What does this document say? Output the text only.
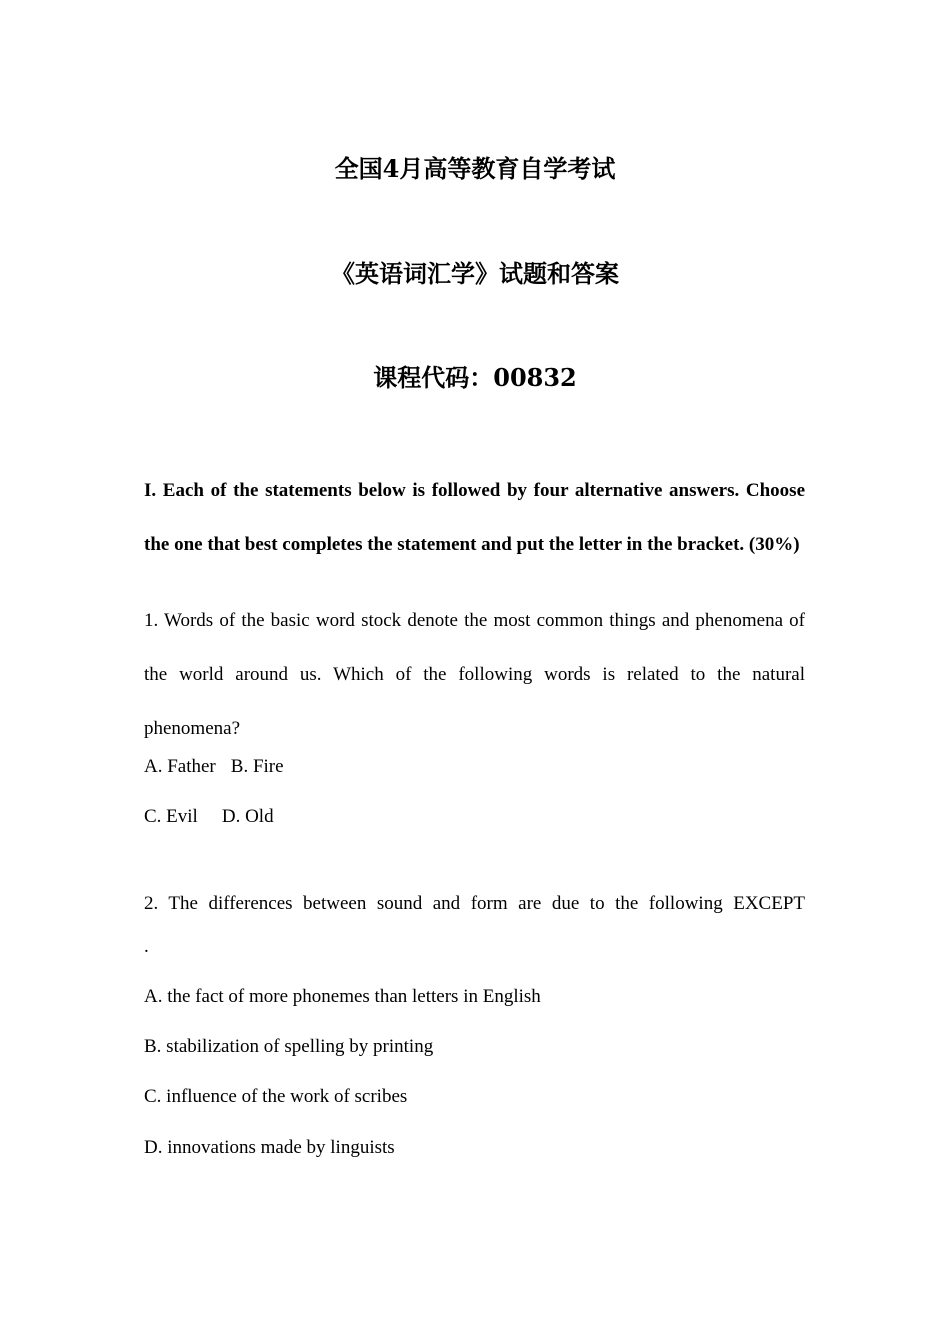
全国4月高等教育自学考试
《英语词汇学》试题和答案
课程代码：00832
I. Each of the statements below is followed by four alternative answers. Choose
the one that best completes the statement and put the letter in the bracket. (30%)
1. Words of the basic word stock denote the most common things and phenomena of
the world around us. Which of the following words is related to the natural
phenomena?
A. Father B. Fire
C. Evil D. Old
2. The differences between sound and form are due to the following EXCEPT
.
A. the fact of more phonemes than letters in English
B. stabilization of spelling by printing
C. influence of the work of scribes
D. innovations made by linguists
